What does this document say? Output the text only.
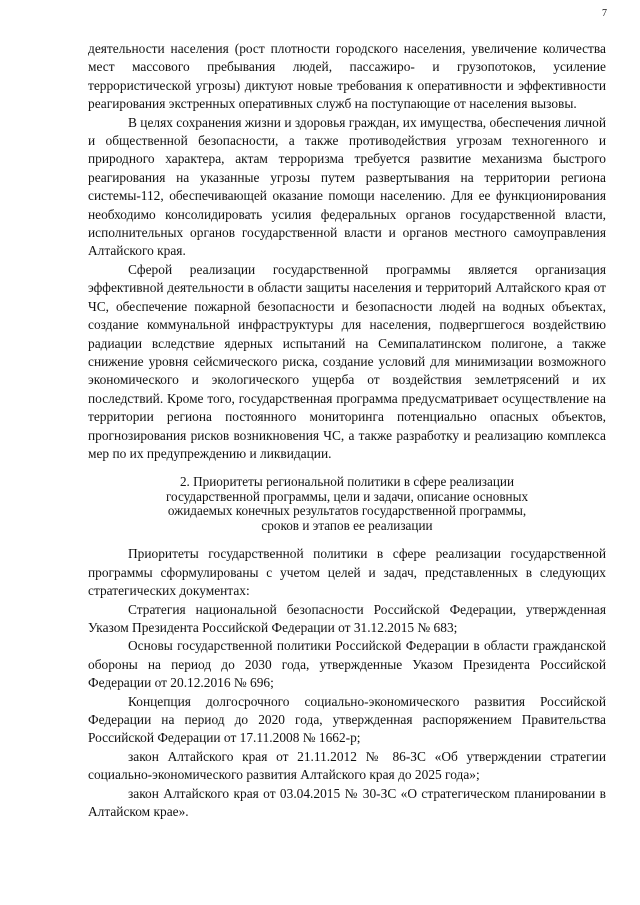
7

деятельности населения (рост плотности городского населения, увеличение количества мест массового пребывания людей, пассажиро- и грузопотоков, усиление террористической угрозы) диктуют новые требования к оперативности и эффективности реагирования экстренных оперативных служб на поступающие от населения вызовы.

В целях сохранения жизни и здоровья граждан, их имущества, обеспечения личной и общественной безопасности, а также противодействия угрозам техногенного и природного характера, актам терроризма требуется развитие механизма быстрого реагирования на указанные угрозы путем развертывания на территории региона системы-112, обеспечивающей оказание помощи населению. Для ее функционирования необходимо консолидировать усилия федеральных органов государственной власти, исполнительных органов государственной власти и органов местного самоуправления Алтайского края.

Сферой реализации государственной программы является организация эффективной деятельности в области защиты населения и территорий Алтайского края от ЧС, обеспечение пожарной безопасности и безопасности людей на водных объектах, создание коммунальной инфраструктуры для населения, подвергшегося воздействию радиации вследствие ядерных испытаний на Семипалатинском полигоне, а также снижение уровня сейсмического риска, создание условий для минимизации возможного экономического и экологического ущерба от воздействия землетрясений и их последствий. Кроме того, государственная программа предусматривает осуществление на территории региона постоянного мониторинга потенциально опасных объектов, прогнозирования рисков возникновения ЧС, а также разработку и реализацию комплекса мер по их предупреждению и ликвидации.

2. Приоритеты региональной политики в сфере реализации
государственной программы, цели и задачи, описание основных
ожидаемых конечных результатов государственной программы,
сроков и этапов ее реализации

Приоритеты государственной политики в сфере реализации государственной программы сформулированы с учетом целей и задач, представленных в следующих стратегических документах:

Стратегия национальной безопасности Российской Федерации, утвержденная Указом Президента Российской Федерации от 31.12.2015 № 683;

Основы государственной политики Российской Федерации в области гражданской обороны на период до 2030 года, утвержденные Указом Президента Российской Федерации от 20.12.2016 № 696;

Концепция долгосрочного социально-экономического развития Российской Федерации на период до 2020 года, утвержденная распоряжением Правительства Российской Федерации от 17.11.2008 № 1662-р;

закон Алтайского края от 21.11.2012 № 86-ЗС «Об утверждении стратегии социально-экономического развития Алтайского края до 2025 года»;

закон Алтайского края от 03.04.2015 № 30-ЗС «О стратегическом планировании в Алтайском крае».
